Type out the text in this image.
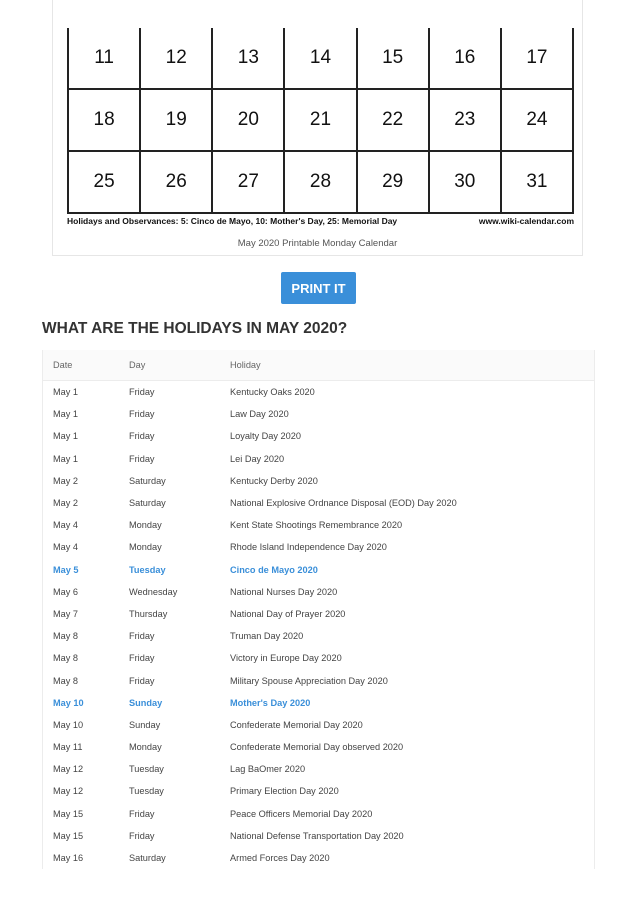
11	12	13	14	15	16	17
18	19	20	21	22	23	24
25	26	27	28	29	30	31
Holidays and Observances: 5: Cinco de Mayo, 10: Mother's Day, 25: Memorial Day	www.wiki-calendar.com
May 2020 Printable Monday Calendar
PRINT IT
WHAT ARE THE HOLIDAYS IN MAY 2020?
Date	Day	Holiday
May 1	Friday	Kentucky Oaks 2020
May 1	Friday	Law Day 2020
May 1	Friday	Loyalty Day 2020
May 1	Friday	Lei Day 2020
May 2	Saturday	Kentucky Derby 2020
May 2	Saturday	National Explosive Ordnance Disposal (EOD) Day 2020
May 4	Monday	Kent State Shootings Remembrance 2020
May 4	Monday	Rhode Island Independence Day 2020
May 5	Tuesday	Cinco de Mayo 2020
May 6	Wednesday	National Nurses Day 2020
May 7	Thursday	National Day of Prayer 2020
May 8	Friday	Truman Day 2020
May 8	Friday	Victory in Europe Day 2020
May 8	Friday	Military Spouse Appreciation Day 2020
May 10	Sunday	Mother's Day 2020
May 10	Sunday	Confederate Memorial Day 2020
May 11	Monday	Confederate Memorial Day observed 2020
May 12	Tuesday	Lag BaOmer 2020
May 12	Tuesday	Primary Election Day 2020
May 15	Friday	Peace Officers Memorial Day 2020
May 15	Friday	National Defense Transportation Day 2020
May 16	Saturday	Armed Forces Day 2020
